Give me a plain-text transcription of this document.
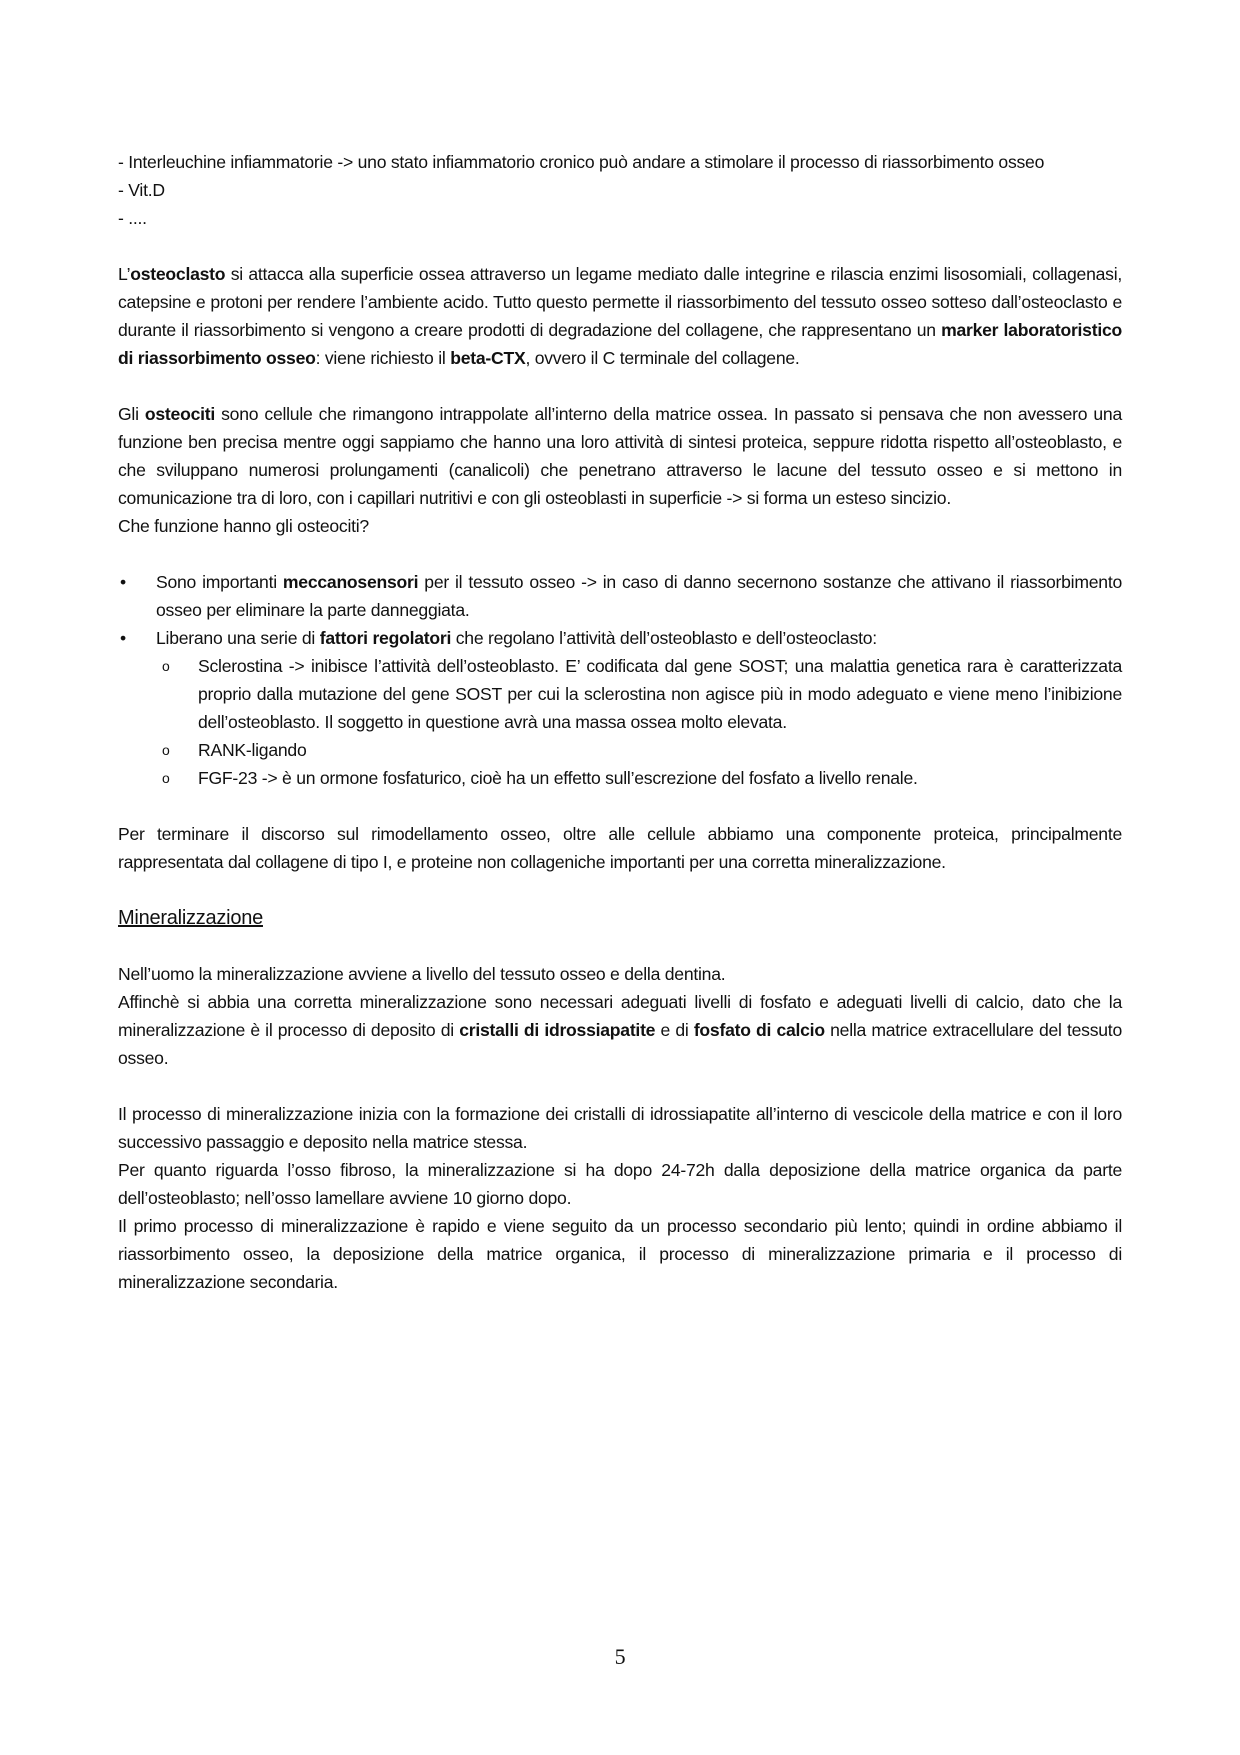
- Interleuchine infiammatorie -> uno stato infiammatorio cronico può andare a stimolare il processo di riassorbimento osseo

- Vit.D

- ....

L’osteoclasto si attacca alla superficie ossea attraverso un legame mediato dalle integrine e rilascia enzimi lisosomiali, collagenasi, catepsine e protoni per rendere l’ambiente acido. Tutto questo permette il riassorbimento del tessuto osseo sotteso dall’osteoclasto e durante il riassorbimento si vengono a creare prodotti di degradazione del collagene, che rappresentano un marker laboratoristico di riassorbimento osseo: viene richiesto il beta-CTX, ovvero il C terminale del collagene.

Gli osteociti sono cellule che rimangono intrappolate all’interno della matrice ossea. In passato si pensava che non avessero una funzione ben precisa mentre oggi sappiamo che hanno una loro attività di sintesi proteica, seppure ridotta rispetto all’osteoblasto, e che sviluppano numerosi prolungamenti (canalicoli) che penetrano attraverso le lacune del tessuto osseo e si mettono in comunicazione tra di loro, con i capillari nutritivi e con gli osteoblasti in superficie -> si forma un esteso sincizio.

Che funzione hanno gli osteociti?

• Sono importanti meccanosensori per il tessuto osseo -> in caso di danno secernono sostanze che attivano il riassorbimento osseo per eliminare la parte danneggiata.
• Liberano una serie di fattori regolatori che regolano l’attività dell’osteoblasto e dell’osteoclasto:
o Sclerostina -> inibisce l’attività dell’osteoblasto. E’ codificata dal gene SOST; una malattia genetica rara è caratterizzata proprio dalla mutazione del gene SOST per cui la sclerostina non agisce più in modo adeguato e viene meno l’inibizione dell’osteoblasto. Il soggetto in questione avrà una massa ossea molto elevata.
o RANK-ligando
o FGF-23 -> è un ormone fosfaturico, cioè ha un effetto sull’escrezione del fosfato a livello renale.

Per terminare il discorso sul rimodellamento osseo, oltre alle cellule abbiamo una componente proteica, principalmente rappresentata dal collagene di tipo I, e proteine non collageniche importanti per una corretta mineralizzazione.

Mineralizzazione

Nell’uomo la mineralizzazione avviene a livello del tessuto osseo e della dentina.

Affinchè si abbia una corretta mineralizzazione sono necessari adeguati livelli di fosfato e adeguati livelli di calcio, dato che la mineralizzazione è il processo di deposito di cristalli di idrossiapatite e di fosfato di calcio nella matrice extracellulare del tessuto osseo.

Il processo di mineralizzazione inizia con la formazione dei cristalli di idrossiapatite all’interno di vescicole della matrice e con il loro successivo passaggio e deposito nella matrice stessa.

Per quanto riguarda l’osso fibroso, la mineralizzazione si ha dopo 24-72h dalla deposizione della matrice organica da parte dell’osteoblasto; nell’osso lamellare avviene 10 giorno dopo.

Il primo processo di mineralizzazione è rapido e viene seguito da un processo secondario più lento; quindi in ordine abbiamo il riassorbimento osseo, la deposizione della matrice organica, il processo di mineralizzazione primaria e il processo di mineralizzazione secondaria.

5
